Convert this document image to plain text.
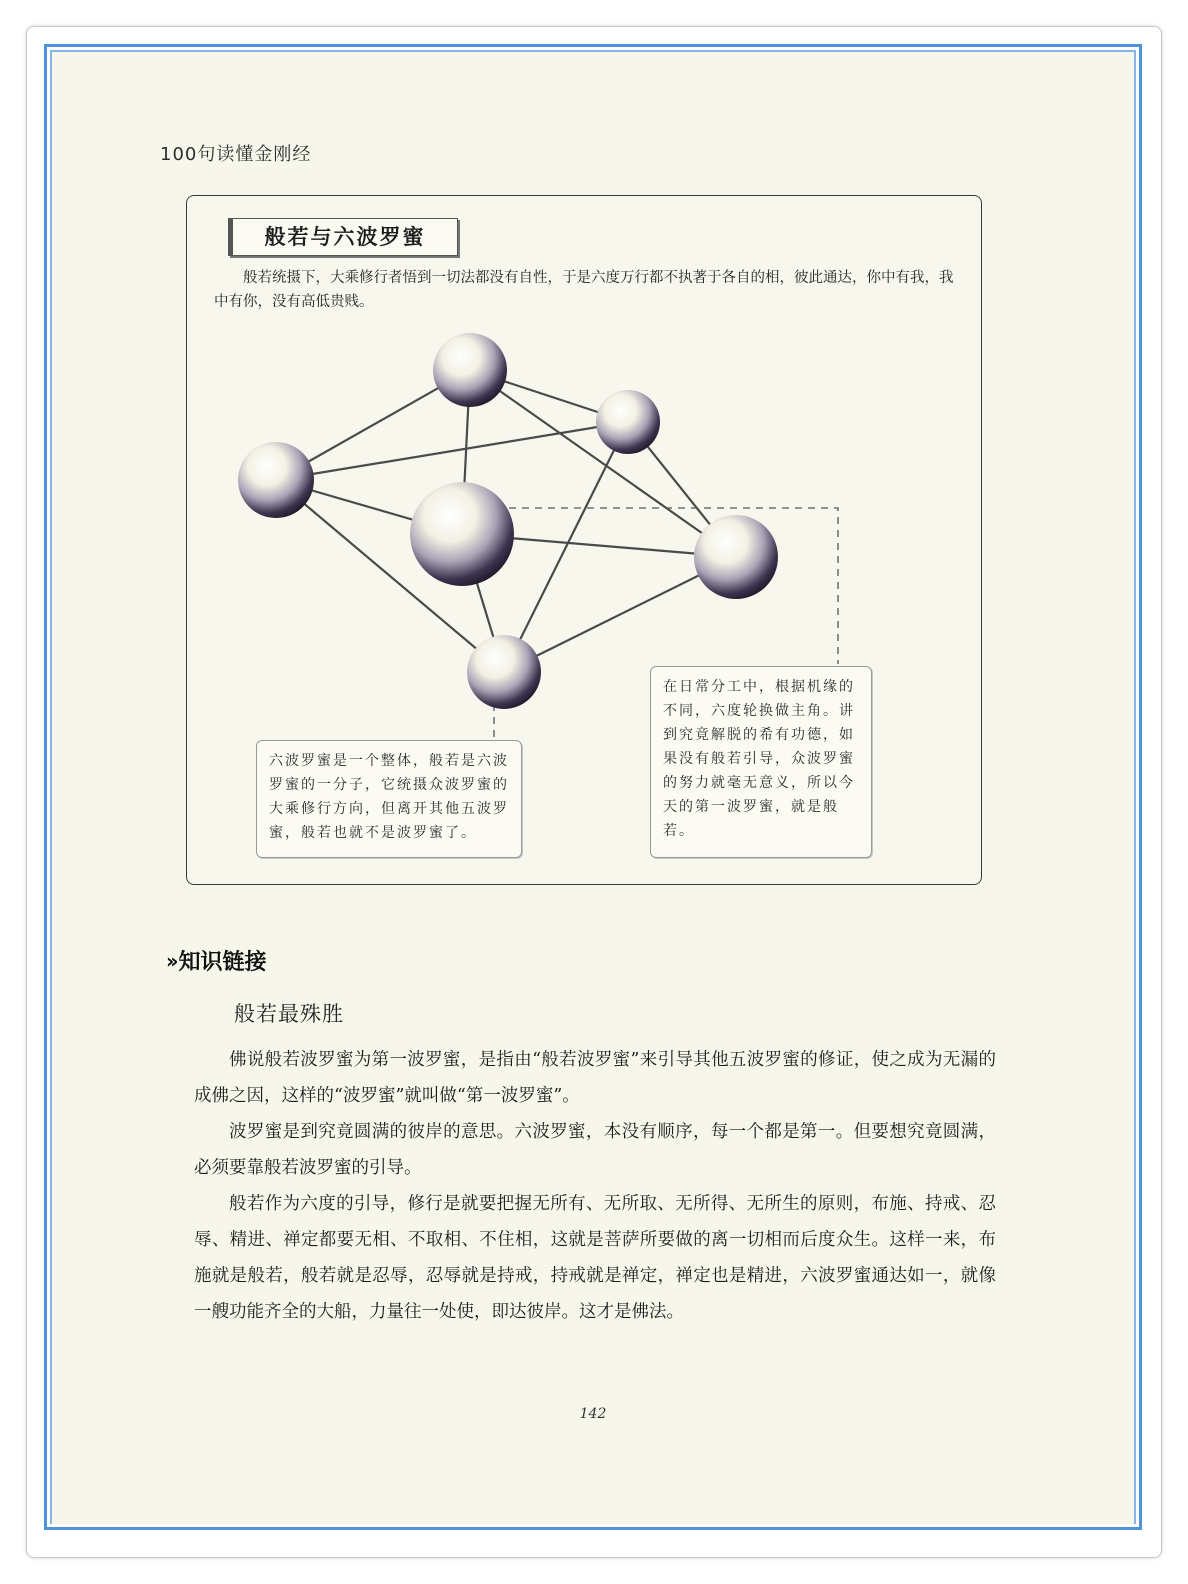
100句读懂金刚经
般若与六波罗蜜
般若统摄下，大乘修行者悟到一切法都没有自性，于是六度万行都不执著于各自的相，彼此通达，你中有我，我中有你，没有高低贵贱。
六波罗蜜是一个整体，般若是六波罗蜜的一分子，它统摄众波罗蜜的大乘修行方向，但离开其他五波罗蜜，般若也就不是波罗蜜了。
在日常分工中，根据机缘的不同，六度轮换做主角。讲到究竟解脱的希有功德，如果没有般若引导，众波罗蜜的努力就毫无意义，所以今天的第一波罗蜜，就是般若。
›› 知识链接
般若最殊胜

佛说般若波罗蜜为第一波罗蜜，是指由“般若波罗蜜”来引导其他五波罗蜜的修证，使之成为无漏的成佛之因，这样的“波罗蜜”就叫做“第一波罗蜜”。

波罗蜜是到究竟圆满的彼岸的意思。六波罗蜜，本没有顺序，每一个都是第一。但要想究竟圆满，必须要靠般若波罗蜜的引导。

般若作为六度的引导，修行是就要把握无所有、无所取、无所得、无所生的原则，布施、持戒、忍辱、精进、禅定都要无相、不取相、不住相，这就是菩萨所要做的离一切相而后度众生。这样一来，布施就是般若，般若就是忍辱，忍辱就是持戒，持戒就是禅定，禅定也是精进，六波罗蜜通达如一，就像一艘功能齐全的大船，力量往一处使，即达彼岸。这才是佛法。

142
